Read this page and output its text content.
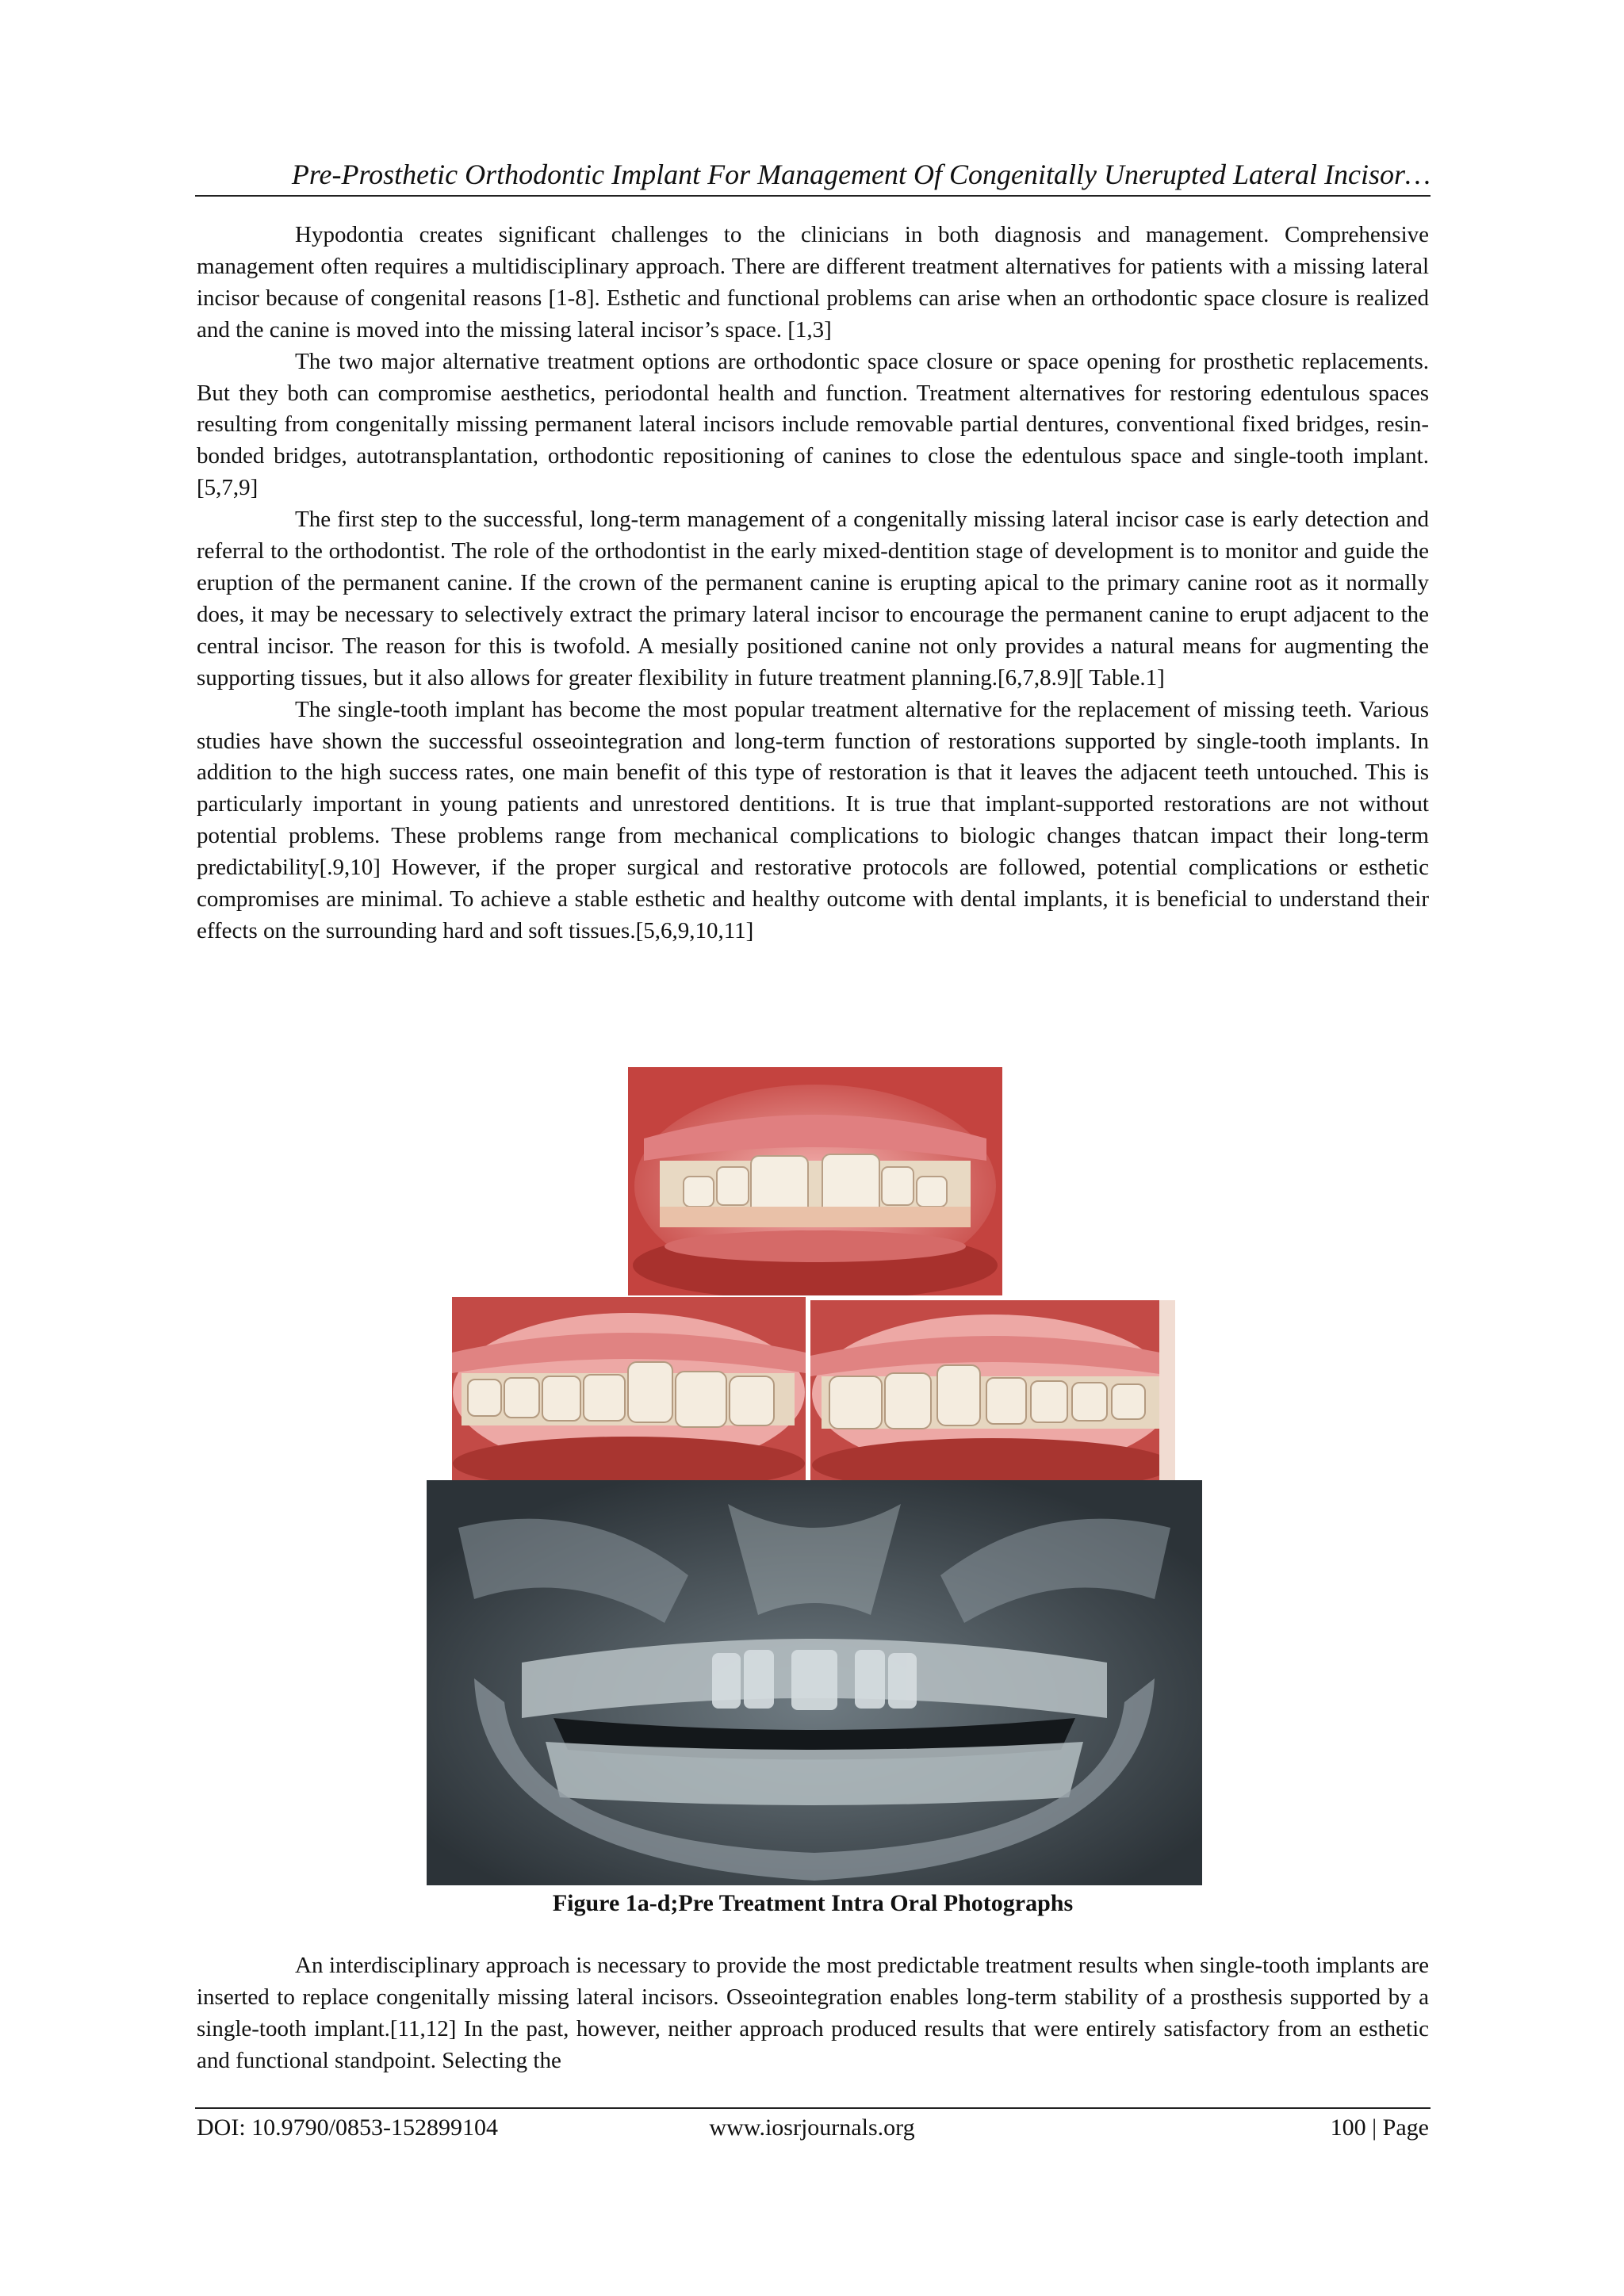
Pre-Prosthetic Orthodontic Implant For Management Of Congenitally Unerupted Lateral Incisor…

Hypodontia creates significant challenges to the clinicians in both diagnosis and management. Comprehensive management often requires a multidisciplinary approach. There are different treatment alternatives for patients with a missing lateral incisor because of congenital reasons [1-8]. Esthetic and functional problems can arise when an orthodontic space closure is realized and the canine is moved into the missing lateral incisor’s space. [1,3]

The two major alternative treatment options are orthodontic space closure or space opening for prosthetic replacements. But they both can compromise aesthetics, periodontal health and function. Treatment alternatives for restoring edentulous spaces resulting from congenitally missing permanent lateral incisors include removable partial dentures, conventional fixed bridges, resin-bonded bridges, autotransplantation, orthodontic repositioning of canines to close the edentulous space and single-tooth implant.[5,7,9]

The first step to the successful, long-term management of a congenitally missing lateral incisor case is early detection and referral to the orthodontist. The role of the orthodontist in the early mixed-dentition stage of development is to monitor and guide the eruption of the permanent canine. If the crown of the permanent canine is erupting apical to the primary canine root as it normally does, it may be necessary to selectively extract the primary lateral incisor to encourage the permanent canine to erupt adjacent to the central incisor. The reason for this is twofold. A mesially positioned canine not only provides a natural means for augmenting the supporting tissues, but it also allows for greater flexibility in future treatment planning.[6,7,8.9][ Table.1]

The single-tooth implant has become the most popular treatment alternative for the replacement of missing teeth. Various studies have shown the successful osseointegration and long-term function of restorations supported by single-tooth implants. In addition to the high success rates, one main benefit of this type of restoration is that it leaves the adjacent teeth untouched. This is particularly important in young patients and unrestored dentitions. It is true that implant-supported restorations are not without potential problems. These problems range from mechanical complications to biologic changes thatcan impact their long-term predictability[.9,10] However, if the proper surgical and restorative protocols are followed, potential complications or esthetic compromises are minimal. To achieve a stable esthetic and healthy outcome with dental implants, it is beneficial to understand their effects on the surrounding hard and soft tissues.[5,6,9,10,11]

Figure 1a-d;Pre Treatment Intra Oral Photographs

An interdisciplinary approach is necessary to provide the most predictable treatment results when single-tooth implants are inserted to replace congenitally missing lateral incisors. Osseointegration enables long-term stability of a prosthesis supported by a single-tooth implant.[11,12] In the past, however, neither approach produced results that were entirely satisfactory from an esthetic and functional standpoint. Selecting the

DOI: 10.9790/0853-152899104	www.iosrjournals.org	100 | Page
